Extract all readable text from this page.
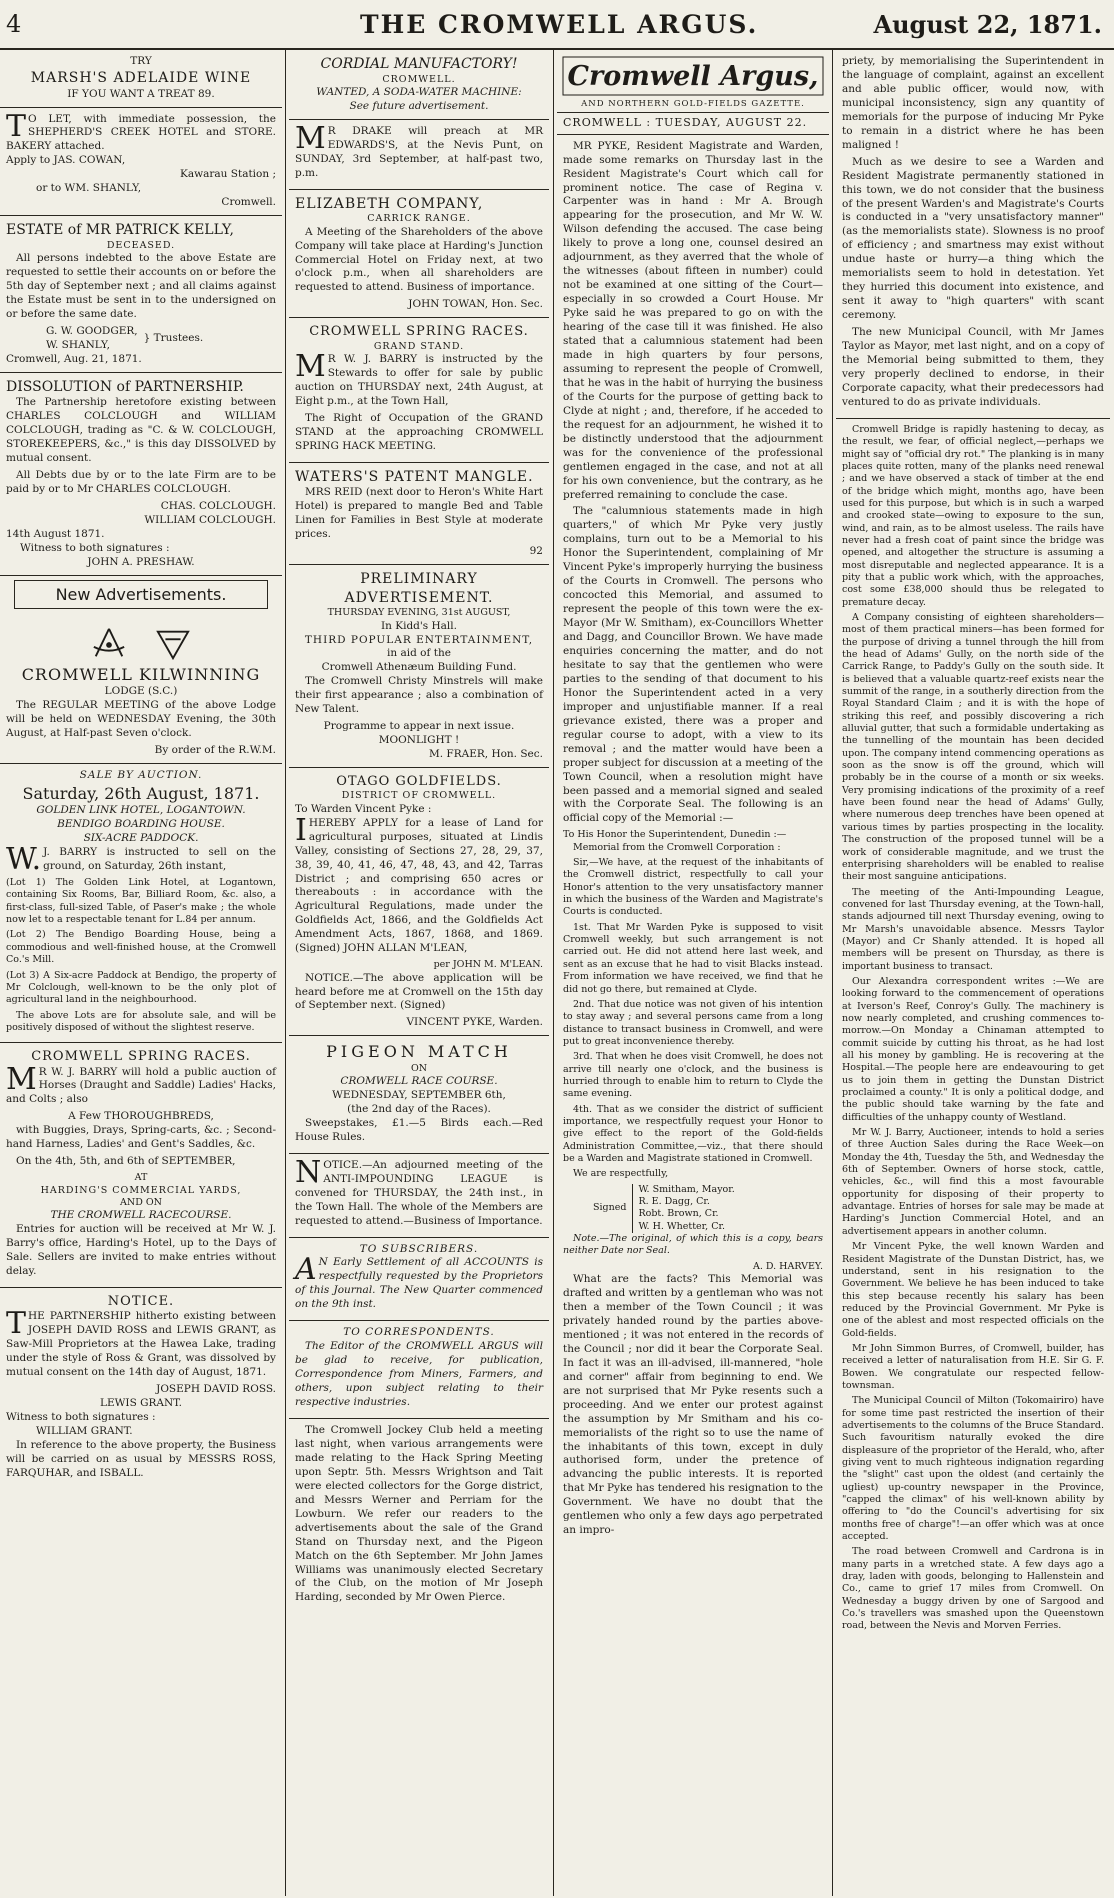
4	THE CROMWELL ARGUS.	August 22, 1871.
TRY
MARSH'S ADELAIDE WINE
IF YOU WANT A TREAT 89.
TO LET, with immediate possession, the SHEPHERD'S CREEK HOTEL and STORE. BAKERY attached.
Apply to JAS. COWAN,
Kawarau Station ;
or to WM. SHANLY,
Cromwell.
ESTATE of MR PATRICK KELLY,
DECEASED.

All persons indebted to the above Estate are requested to settle their accounts on or before the 5th day of September next ; and all claims against the Estate must be sent in to the undersigned on or before the same date.

G. W. GOODGER,
W. SHANLY,
} Trustees.
Cromwell, Aug. 21, 1871.
DISSOLUTION of PARTNERSHIP.

The Partnership heretofore existing between CHARLES COLCLOUGH and WILLIAM COLCLOUGH, trading as "C. & W. COLCLOUGH, STOREKEEPERS, &c.," is this day DISSOLVED by mutual consent.

All Debts due by or to the late Firm are to be paid by or to Mr CHARLES COLCLOUGH.

CHAS. COLCLOUGH.
WILLIAM COLCLOUGH.
14th August 1871.
Witness to both signatures :
JOHN A. PRESHAW.
New Advertisements.
CROMWELL KILWINNING
LODGE (S.C.)

The REGULAR MEETING of the above Lodge will be held on WEDNESDAY Evening, the 30th August, at Half-past Seven o'clock.

By order of the R.W.M.
SALE BY AUCTION.
Saturday, 26th August, 1871.
GOLDEN LINK HOTEL, LOGANTOWN.
BENDIGO BOARDING HOUSE.
SIX-ACRE PADDOCK.

W.J. BARRY is instructed to sell on the ground, on Saturday, 26th instant,

(Lot 1) The Golden Link Hotel, at Logantown, containing Six Rooms, Bar, Billiard Room, &c. also, a first-class, full-sized Table, of Paser's make ; the whole now let to a respectable tenant for L.84 per annum.

(Lot 2) The Bendigo Boarding House, being a commodious and well-finished house, at the Cromwell Co.'s Mill.

(Lot 3) A Six-acre Paddock at Bendigo, the property of Mr Colclough, well-known to be the only plot of agricultural land in the neighbourhood.

The above Lots are for absolute sale, and will be positively disposed of without the slightest reserve.

CROMWELL SPRING RACES.

MR W. J. BARRY will hold a public auction of Horses (Draught and Saddle) Ladies' Hacks, and Colts ; also

A Few THOROUGHBREDS,

with Buggies, Drays, Spring-carts, &c. ; Second-hand Harness, Ladies' and Gent's Saddles, &c.

On the 4th, 5th, and 6th of SEPTEMBER,

AT
HARDING'S COMMERCIAL YARDS,
AND ON
THE CROMWELL RACECOURSE.

Entries for auction will be received at Mr W. J. Barry's office, Harding's Hotel, up to the Days of Sale. Sellers are invited to make entries without delay.

NOTICE.

THE PARTNERSHIP hitherto existing between JOSEPH DAVID ROSS and LEWIS GRANT, as Saw-Mill Proprietors at the Hawea Lake, trading under the style of Ross & Grant, was dissolved by mutual consent on the 14th day of August, 1871.

JOSEPH DAVID ROSS.
LEWIS GRANT.
Witness to both signatures :
WILLIAM GRANT.

In reference to the above property, the Business will be carried on as usual by MESSRS ROSS, FARQUHAR, and ISBALL.

CORDIAL MANUFACTORY!
CROMWELL.
WANTED, A SODA-WATER MACHINE:
See future advertisement.

MR DRAKE will preach at MR EDWARDS'S, at the Nevis Punt, on SUNDAY, 3rd September, at half-past two, p.m.

ELIZABETH COMPANY,
CARRICK RANGE.

A Meeting of the Shareholders of the above Company will take place at Harding's Junction Commercial Hotel on Friday next, at two o'clock p.m., when all shareholders are requested to attend. Business of importance.

JOHN TOWAN, Hon. Sec.
CROMWELL SPRING RACES.
GRAND STAND.

MR W. J. BARRY is instructed by the Stewards to offer for sale by public auction on THURSDAY next, 24th August, at Eight p.m., at the Town Hall,

The Right of Occupation of the GRAND STAND at the approaching CROMWELL SPRING HACK MEETING.

WATERS'S PATENT MANGLE.

MRS REID (next door to Heron's White Hart Hotel) is prepared to mangle Bed and Table Linen for Families in Best Style at moderate prices.

92
PRELIMINARY ADVERTISEMENT.
THURSDAY EVENING, 31st AUGUST,
In Kidd's Hall.
THIRD POPULAR ENTERTAINMENT,
in aid of the
Cromwell Athenæum Building Fund.

The Cromwell Christy Minstrels will make their first appearance ; also a combination of New Talent.

Programme to appear in next issue.
MOONLIGHT !
M. FRAER, Hon. Sec.
OTAGO GOLDFIELDS.
DISTRICT OF CROMWELL.
To Warden Vincent Pyke :

IHEREBY APPLY for a lease of Land for agricultural purposes, situated at Lindis Valley, consisting of Sections 27, 28, 29, 37, 38, 39, 40, 41, 46, 47, 48, 43, and 42, Tarras District ; and comprising 650 acres or thereabouts : in accordance with the Agricultural Regulations, made under the Goldfields Act, 1866, and the Goldfields Act Amendment Acts, 1867, 1868, and 1869. (Signed) JOHN ALLAN M'LEAN,

per JOHN M. M'LEAN.

NOTICE.—The above application will be heard before me at Cromwell on the 15th day of September next. (Signed)

VINCENT PYKE, Warden.
PIGEON MATCH
ON
CROMWELL RACE COURSE.
WEDNESDAY, SEPTEMBER 6th,
(the 2nd day of the Races).

Sweepstakes, £1.—5 Birds each.—Red House Rules.

NOTICE.—An adjourned meeting of the ANTI-IMPOUNDING LEAGUE is convened for THURSDAY, the 24th inst., in the Town Hall. The whole of the Members are requested to attend.—Business of Importance.

TO SUBSCRIBERS.

AN Early Settlement of all ACCOUNTS is respectfully requested by the Proprietors of this Journal. The New Quarter commenced on the 9th inst.

TO CORRESPONDENTS.

The Editor of the CROMWELL ARGUS will be glad to receive, for publication, Correspondence from Miners, Farmers, and others, upon subject relating to their respective industries.

The Cromwell Jockey Club held a meeting last night, when various arrangements were made relating to the Hack Spring Meeting upon Septr. 5th. Messrs Wrightson and Tait were elected collectors for the Gorge district, and Messrs Werner and Perriam for the Lowburn. We refer our readers to the advertisements about the sale of the Grand Stand on Thursday next, and the Pigeon Match on the 6th September. Mr John James Williams was unanimously elected Secretary of the Club, on the motion of Mr Joseph Harding, seconded by Mr Owen Pierce.

Cromwell Argus,
AND NORTHERN GOLD-FIELDS GAZETTE.
CROMWELL : TUESDAY, AUGUST 22.

MR PYKE, Resident Magistrate and Warden, made some remarks on Thursday last in the Resident Magistrate's Court which call for prominent notice. The case of Regina v. Carpenter was in hand : Mr A. Brough appearing for the prosecution, and Mr W. W. Wilson defending the accused. The case being likely to prove a long one, counsel desired an adjournment, as they averred that the whole of the witnesses (about fifteen in number) could not be examined at one sitting of the Court—especially in so crowded a Court House. Mr Pyke said he was prepared to go on with the hearing of the case till it was finished. He also stated that a calumnious statement had been made in high quarters by four persons, assuming to represent the people of Cromwell, that he was in the habit of hurrying the business of the Courts for the purpose of getting back to Clyde at night ; and, therefore, if he acceded to the request for an adjournment, he wished it to be distinctly understood that the adjournment was for the convenience of the professional gentlemen engaged in the case, and not at all for his own convenience, but the contrary, as he preferred remaining to conclude the case.

The "calumnious statements made in high quarters," of which Mr Pyke very justly complains, turn out to be a Memorial to his Honor the Superintendent, complaining of Mr Vincent Pyke's improperly hurrying the business of the Courts in Cromwell. The persons who concocted this Memorial, and assumed to represent the people of this town were the ex-Mayor (Mr W. Smitham), ex-Councillors Whetter and Dagg, and Councillor Brown. We have made enquiries concerning the matter, and do not hesitate to say that the gentlemen who were parties to the sending of that document to his Honor the Superintendent acted in a very improper and unjustifiable manner. If a real grievance existed, there was a proper and regular course to adopt, with a view to its removal ; and the matter would have been a proper subject for discussion at a meeting of the Town Council, when a resolution might have been passed and a memorial signed and sealed with the Corporate Seal. The following is an official copy of the Memorial :—

To His Honor the Superintendent, Dunedin :—

Memorial from the Cromwell Corporation :

Sir,—We have, at the request of the inhabitants of the Cromwell district, respectfully to call your Honor's attention to the very unsatisfactory manner in which the business of the Warden and Magistrate's Courts is conducted.

1st. That Mr Warden Pyke is supposed to visit Cromwell weekly, but such arrangement is not carried out. He did not attend here last week, and sent as an excuse that he had to visit Blacks instead. From information we have received, we find that he did not go there, but remained at Clyde.

2nd. That due notice was not given of his intention to stay away ; and several persons came from a long distance to transact business in Cromwell, and were put to great inconvenience thereby.

3rd. That when he does visit Cromwell, he does not arrive till nearly one o'clock, and the business is hurried through to enable him to return to Clyde the same evening.

4th. That as we consider the district of sufficient importance, we respectfully request your Honor to give effect to the report of the Gold-fields Administration Committee,—viz., that there should be a Warden and Magistrate stationed in Cromwell.

We are respectfully,

Signed
W. Smitham, Mayor.
R. E. Dagg, Cr.
Robt. Brown, Cr.
W. H. Whetter, Cr.

Note.—The original, of which this is a copy, bears neither Date nor Seal.

A. D. HARVEY.

What are the facts? This Memorial was drafted and written by a gentleman who was not then a member of the Town Council ; it was privately handed round by the parties above-mentioned ; it was not entered in the records of the Council ; nor did it bear the Corporate Seal. In fact it was an ill-advised, ill-mannered, "hole and corner" affair from beginning to end. We are not surprised that Mr Pyke resents such a proceeding. And we enter our protest against the assumption by Mr Smitham and his co-memorialists of the right so to use the name of the inhabitants of this town, except in duly authorised form, under the pretence of advancing the public interests. It is reported that Mr Pyke has tendered his resignation to the Government. We have no doubt that the gentlemen who only a few days ago perpetrated an impro-

priety, by memorialising the Superintendent in the language of complaint, against an excellent and able public officer, would now, with municipal inconsistency, sign any quantity of memorials for the purpose of inducing Mr Pyke to remain in a district where he has been maligned !

Much as we desire to see a Warden and Resident Magistrate permanently stationed in this town, we do not consider that the business of the present Warden's and Magistrate's Courts is conducted in a "very unsatisfactory manner" (as the memorialists state). Slowness is no proof of efficiency ; and smartness may exist without undue haste or hurry—a thing which the memorialists seem to hold in detestation. Yet they hurried this document into existence, and sent it away to "high quarters" with scant ceremony.

The new Municipal Council, with Mr James Taylor as Mayor, met last night, and on a copy of the Memorial being submitted to them, they very properly declined to endorse, in their Corporate capacity, what their predecessors had ventured to do as private individuals.

Cromwell Bridge is rapidly hastening to decay, as the result, we fear, of official neglect,—perhaps we might say of "official dry rot." The planking is in many places quite rotten, many of the planks need renewal ; and we have observed a stack of timber at the end of the bridge which might, months ago, have been used for this purpose, but which is in such a warped and crooked state—owing to exposure to the sun, wind, and rain, as to be almost useless. The rails have never had a fresh coat of paint since the bridge was opened, and altogether the structure is assuming a most disreputable and neglected appearance. It is a pity that a public work which, with the approaches, cost some £38,000 should thus be relegated to premature decay.

A Company consisting of eighteen shareholders—most of them practical miners—has been formed for the purpose of driving a tunnel through the hill from the head of Adams' Gully, on the north side of the Carrick Range, to Paddy's Gully on the south side. It is believed that a valuable quartz-reef exists near the summit of the range, in a southerly direction from the Royal Standard Claim ; and it is with the hope of striking this reef, and possibly discovering a rich alluvial gutter, that such a formidable undertaking as the tunnelling of the mountain has been decided upon. The company intend commencing operations as soon as the snow is off the ground, which will probably be in the course of a month or six weeks. Very promising indications of the proximity of a reef have been found near the head of Adams' Gully, where numerous deep trenches have been opened at various times by parties prospecting in the locality. The construction of the proposed tunnel will be a work of considerable magnitude, and we trust the enterprising shareholders will be enabled to realise their most sanguine anticipations.

The meeting of the Anti-Impounding League, convened for last Thursday evening, at the Town-hall, stands adjourned till next Thursday evening, owing to Mr Marsh's unavoidable absence. Messrs Taylor (Mayor) and Cr Shanly attended. It is hoped all members will be present on Thursday, as there is important business to transact.

Our Alexandra correspondent writes :—We are looking forward to the commencement of operations at Iverson's Reef, Conroy's Gully. The machinery is now nearly completed, and crushing commences to-morrow.—On Monday a Chinaman attempted to commit suicide by cutting his throat, as he had lost all his money by gambling. He is recovering at the Hospital.—The people here are endeavouring to get us to join them in getting the Dunstan District proclaimed a county." It is only a political dodge, and the public should take warning by the fate and difficulties of the unhappy county of Westland.

Mr W. J. Barry, Auctioneer, intends to hold a series of three Auction Sales during the Race Week—on Monday the 4th, Tuesday the 5th, and Wednesday the 6th of September. Owners of horse stock, cattle, vehicles, &c., will find this a most favourable opportunity for disposing of their property to advantage. Entries of horses for sale may be made at Harding's Junction Commercial Hotel, and an advertisement appears in another column.

Mr Vincent Pyke, the well known Warden and Resident Magistrate of the Dunstan District, has, we understand, sent in his resignation to the Government. We believe he has been induced to take this step because recently his salary has been reduced by the Provincial Government. Mr Pyke is one of the ablest and most respected officials on the Gold-fields.

Mr John Simmon Burres, of Cromwell, builder, has received a letter of naturalisation from H.E. Sir G. F. Bowen. We congratulate our respected fellow-townsman.

The Municipal Council of Milton (Tokomairiro) have for some time past restricted the insertion of their advertisements to the columns of the Bruce Standard. Such favouritism naturally evoked the dire displeasure of the proprietor of the Herald, who, after giving vent to much righteous indignation regarding the "slight" cast upon the oldest (and certainly the ugliest) up-country newspaper in the Province, "capped the climax" of his well-known ability by offering to "do the Council's advertising for six months free of charge"!—an offer which was at once accepted.

The road between Cromwell and Cardrona is in many parts in a wretched state. A few days ago a dray, laden with goods, belonging to Hallenstein and Co., came to grief 17 miles from Cromwell. On Wednesday a buggy driven by one of Sargood and Co.'s travellers was smashed upon the Queenstown road, between the Nevis and Morven Ferries.
